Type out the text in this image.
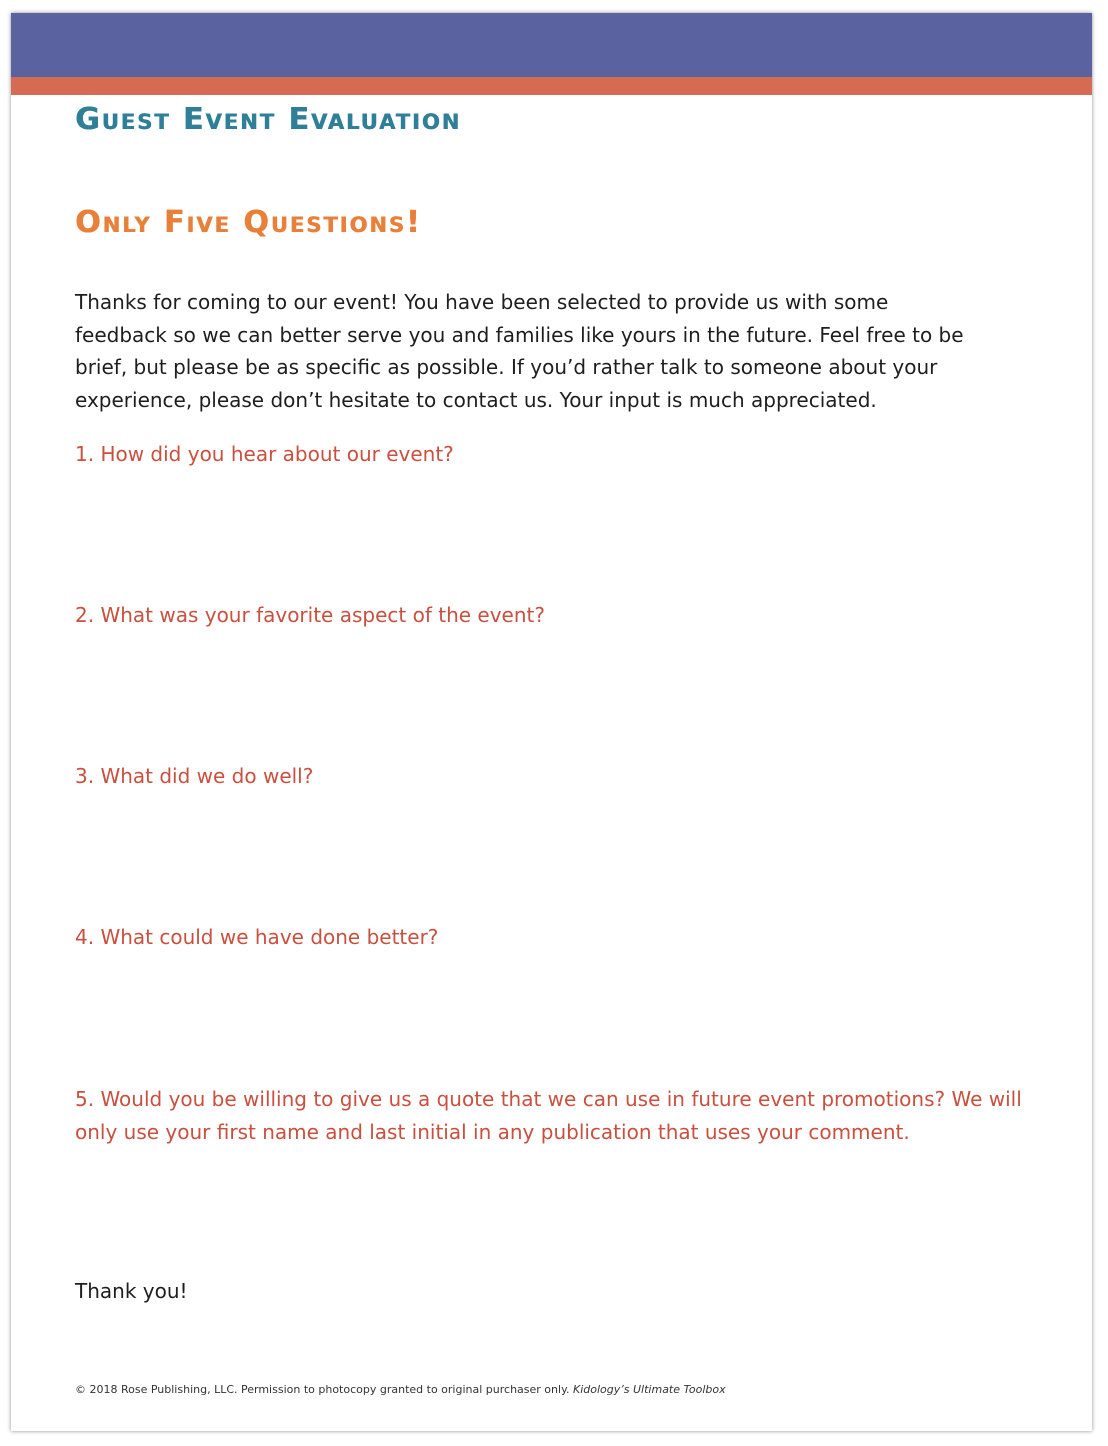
Guest Event Evaluation
Only Five Questions!

Thanks for coming to our event! You have been selected to provide us with some feedback so we can better serve you and families like yours in the future. Feel free to be brief, but please be as specific as possible. If you’d rather talk to someone about your experience, please don’t hesitate to contact us. Your input is much appreciated.

1. How did you hear about our event?

2. What was your favorite aspect of the event?

3. What did we do well?

4. What could we have done better?

5. Would you be willing to give us a quote that we can use in future event promotions? We will only use your first name and last initial in any publication that uses your comment.

Thank you!

© 2018 Rose Publishing, LLC. Permission to photocopy granted to original purchaser only. Kidology’s Ultimate Toolbox
